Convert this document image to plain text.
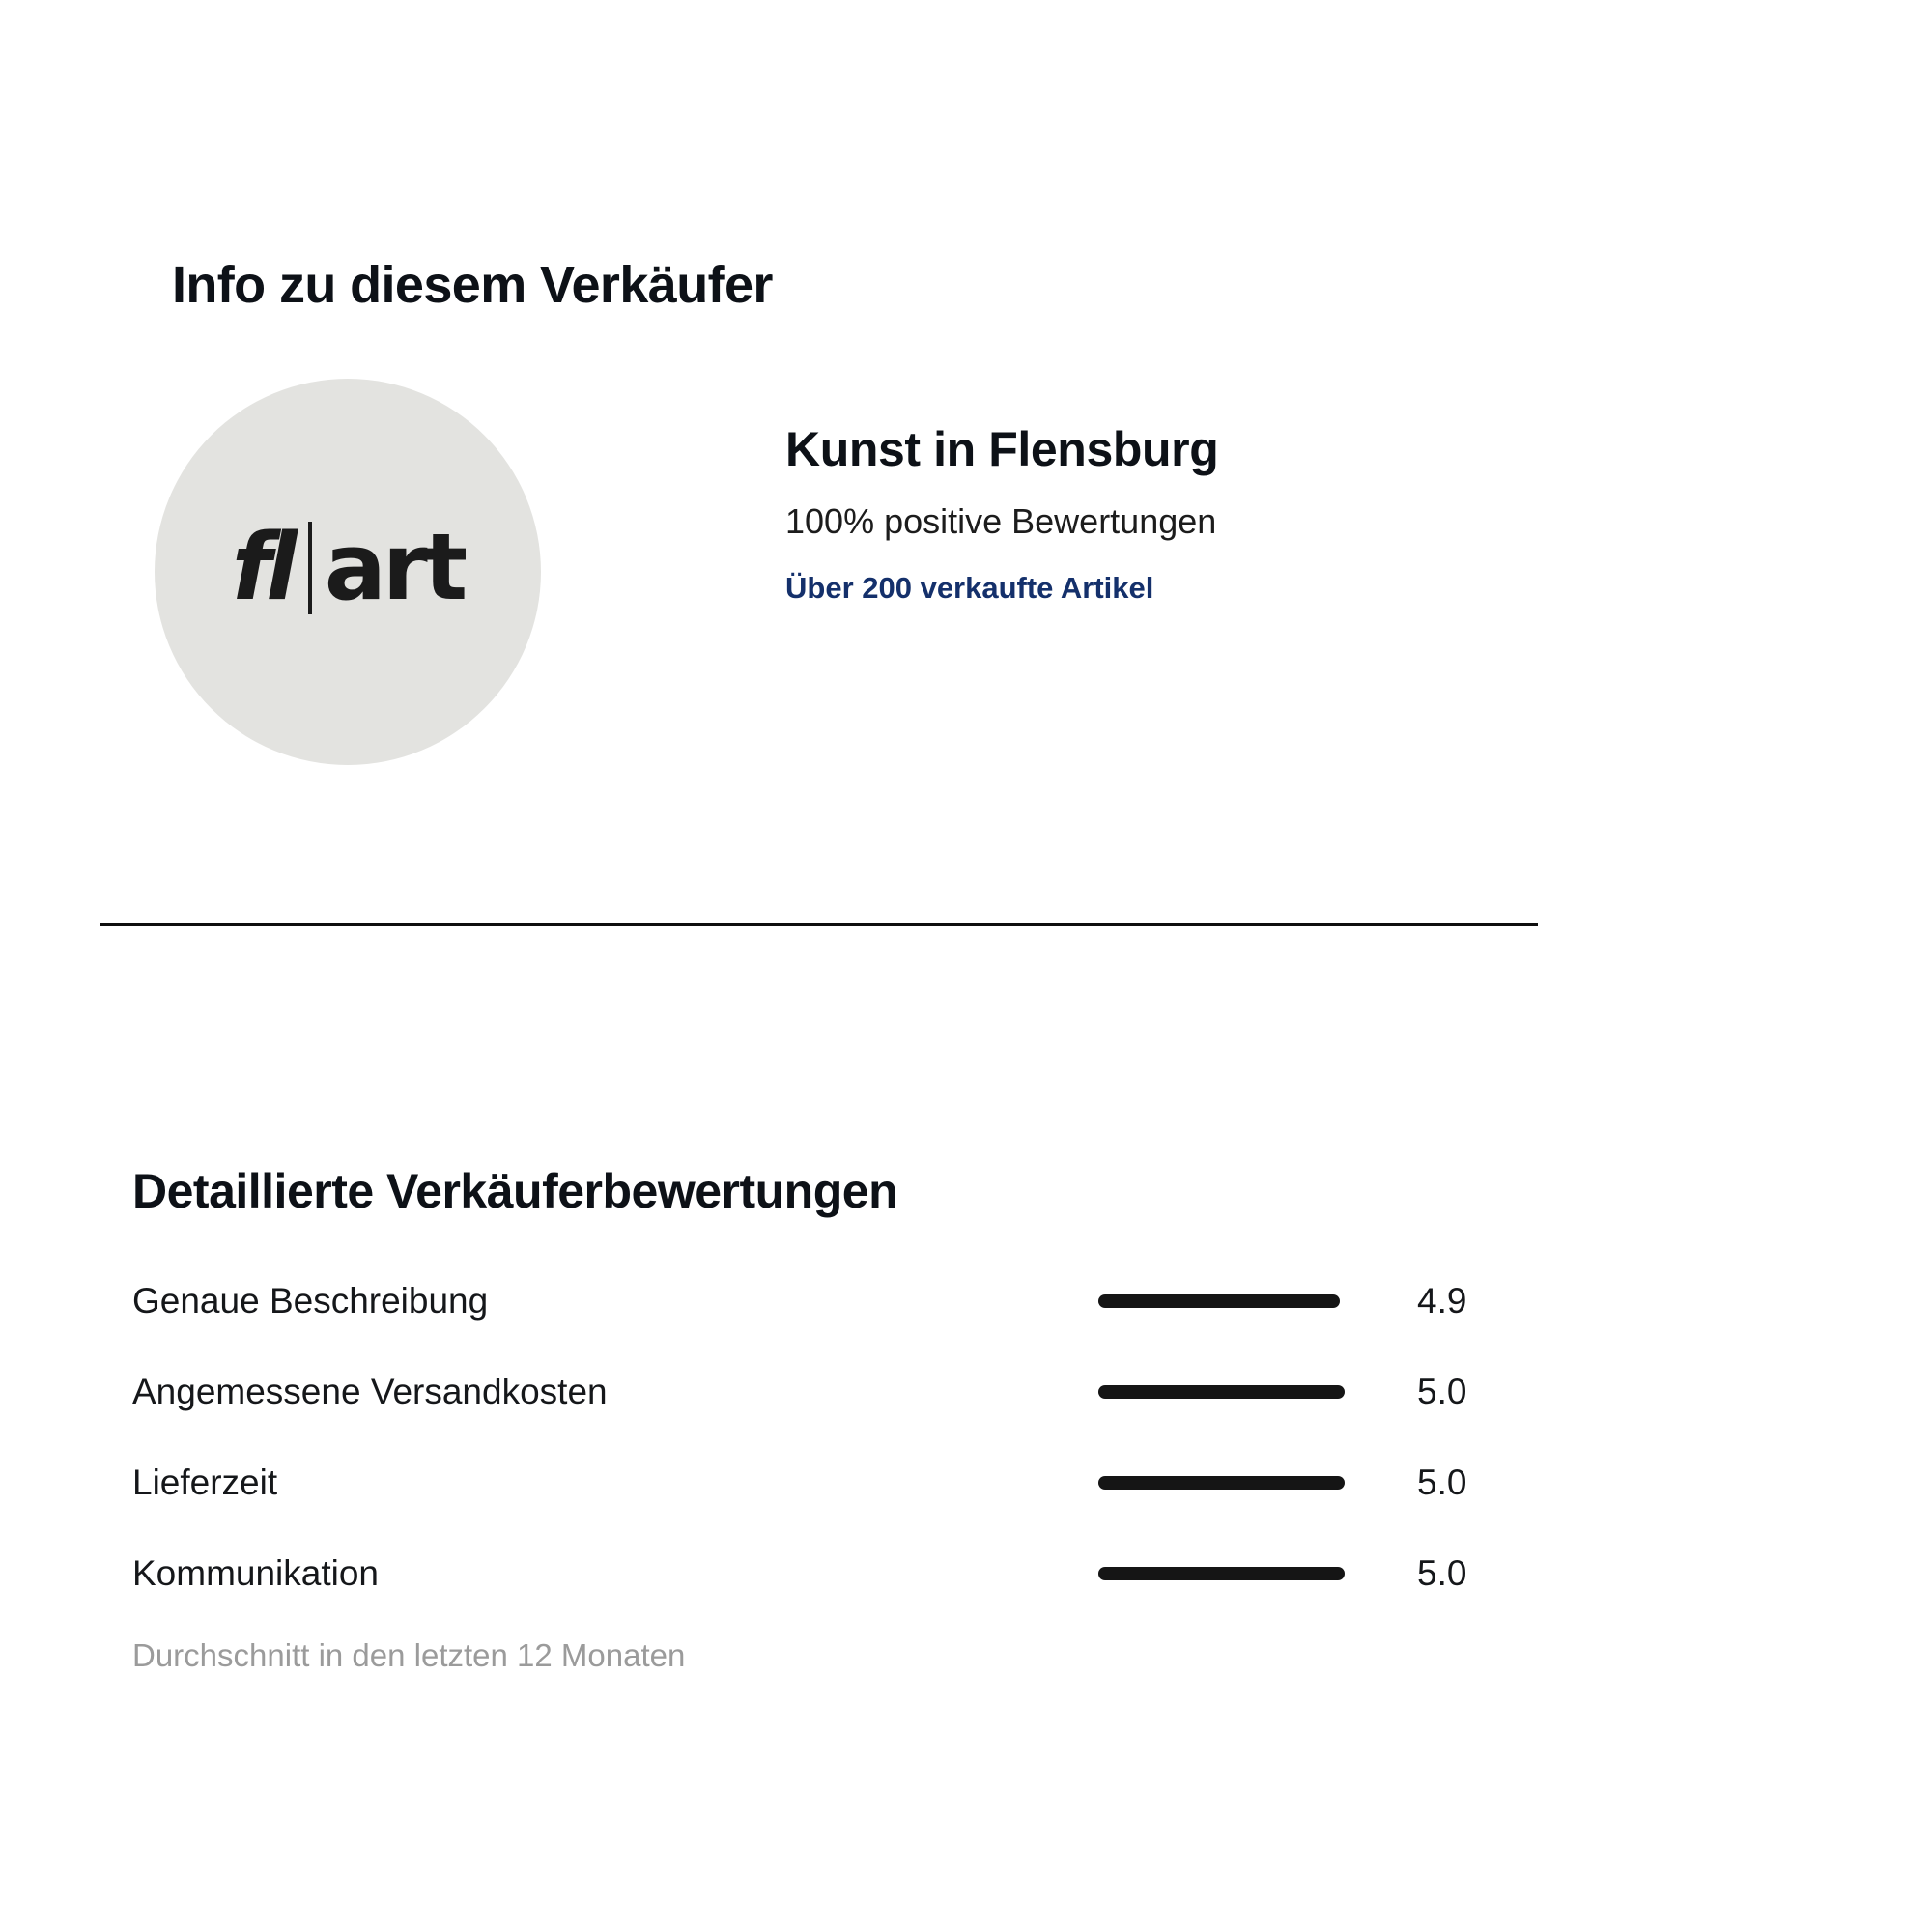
Info zu diesem Verkäufer
fl art
Kunst in Flensburg
100% positive Bewertungen
Über 200 verkaufte Artikel
Detaillierte Verkäuferbewertungen
Genaue Beschreibung	4.9
Angemessene Versandkosten	5.0
Lieferzeit	5.0
Kommunikation	5.0
Durchschnitt in den letzten 12 Monaten
